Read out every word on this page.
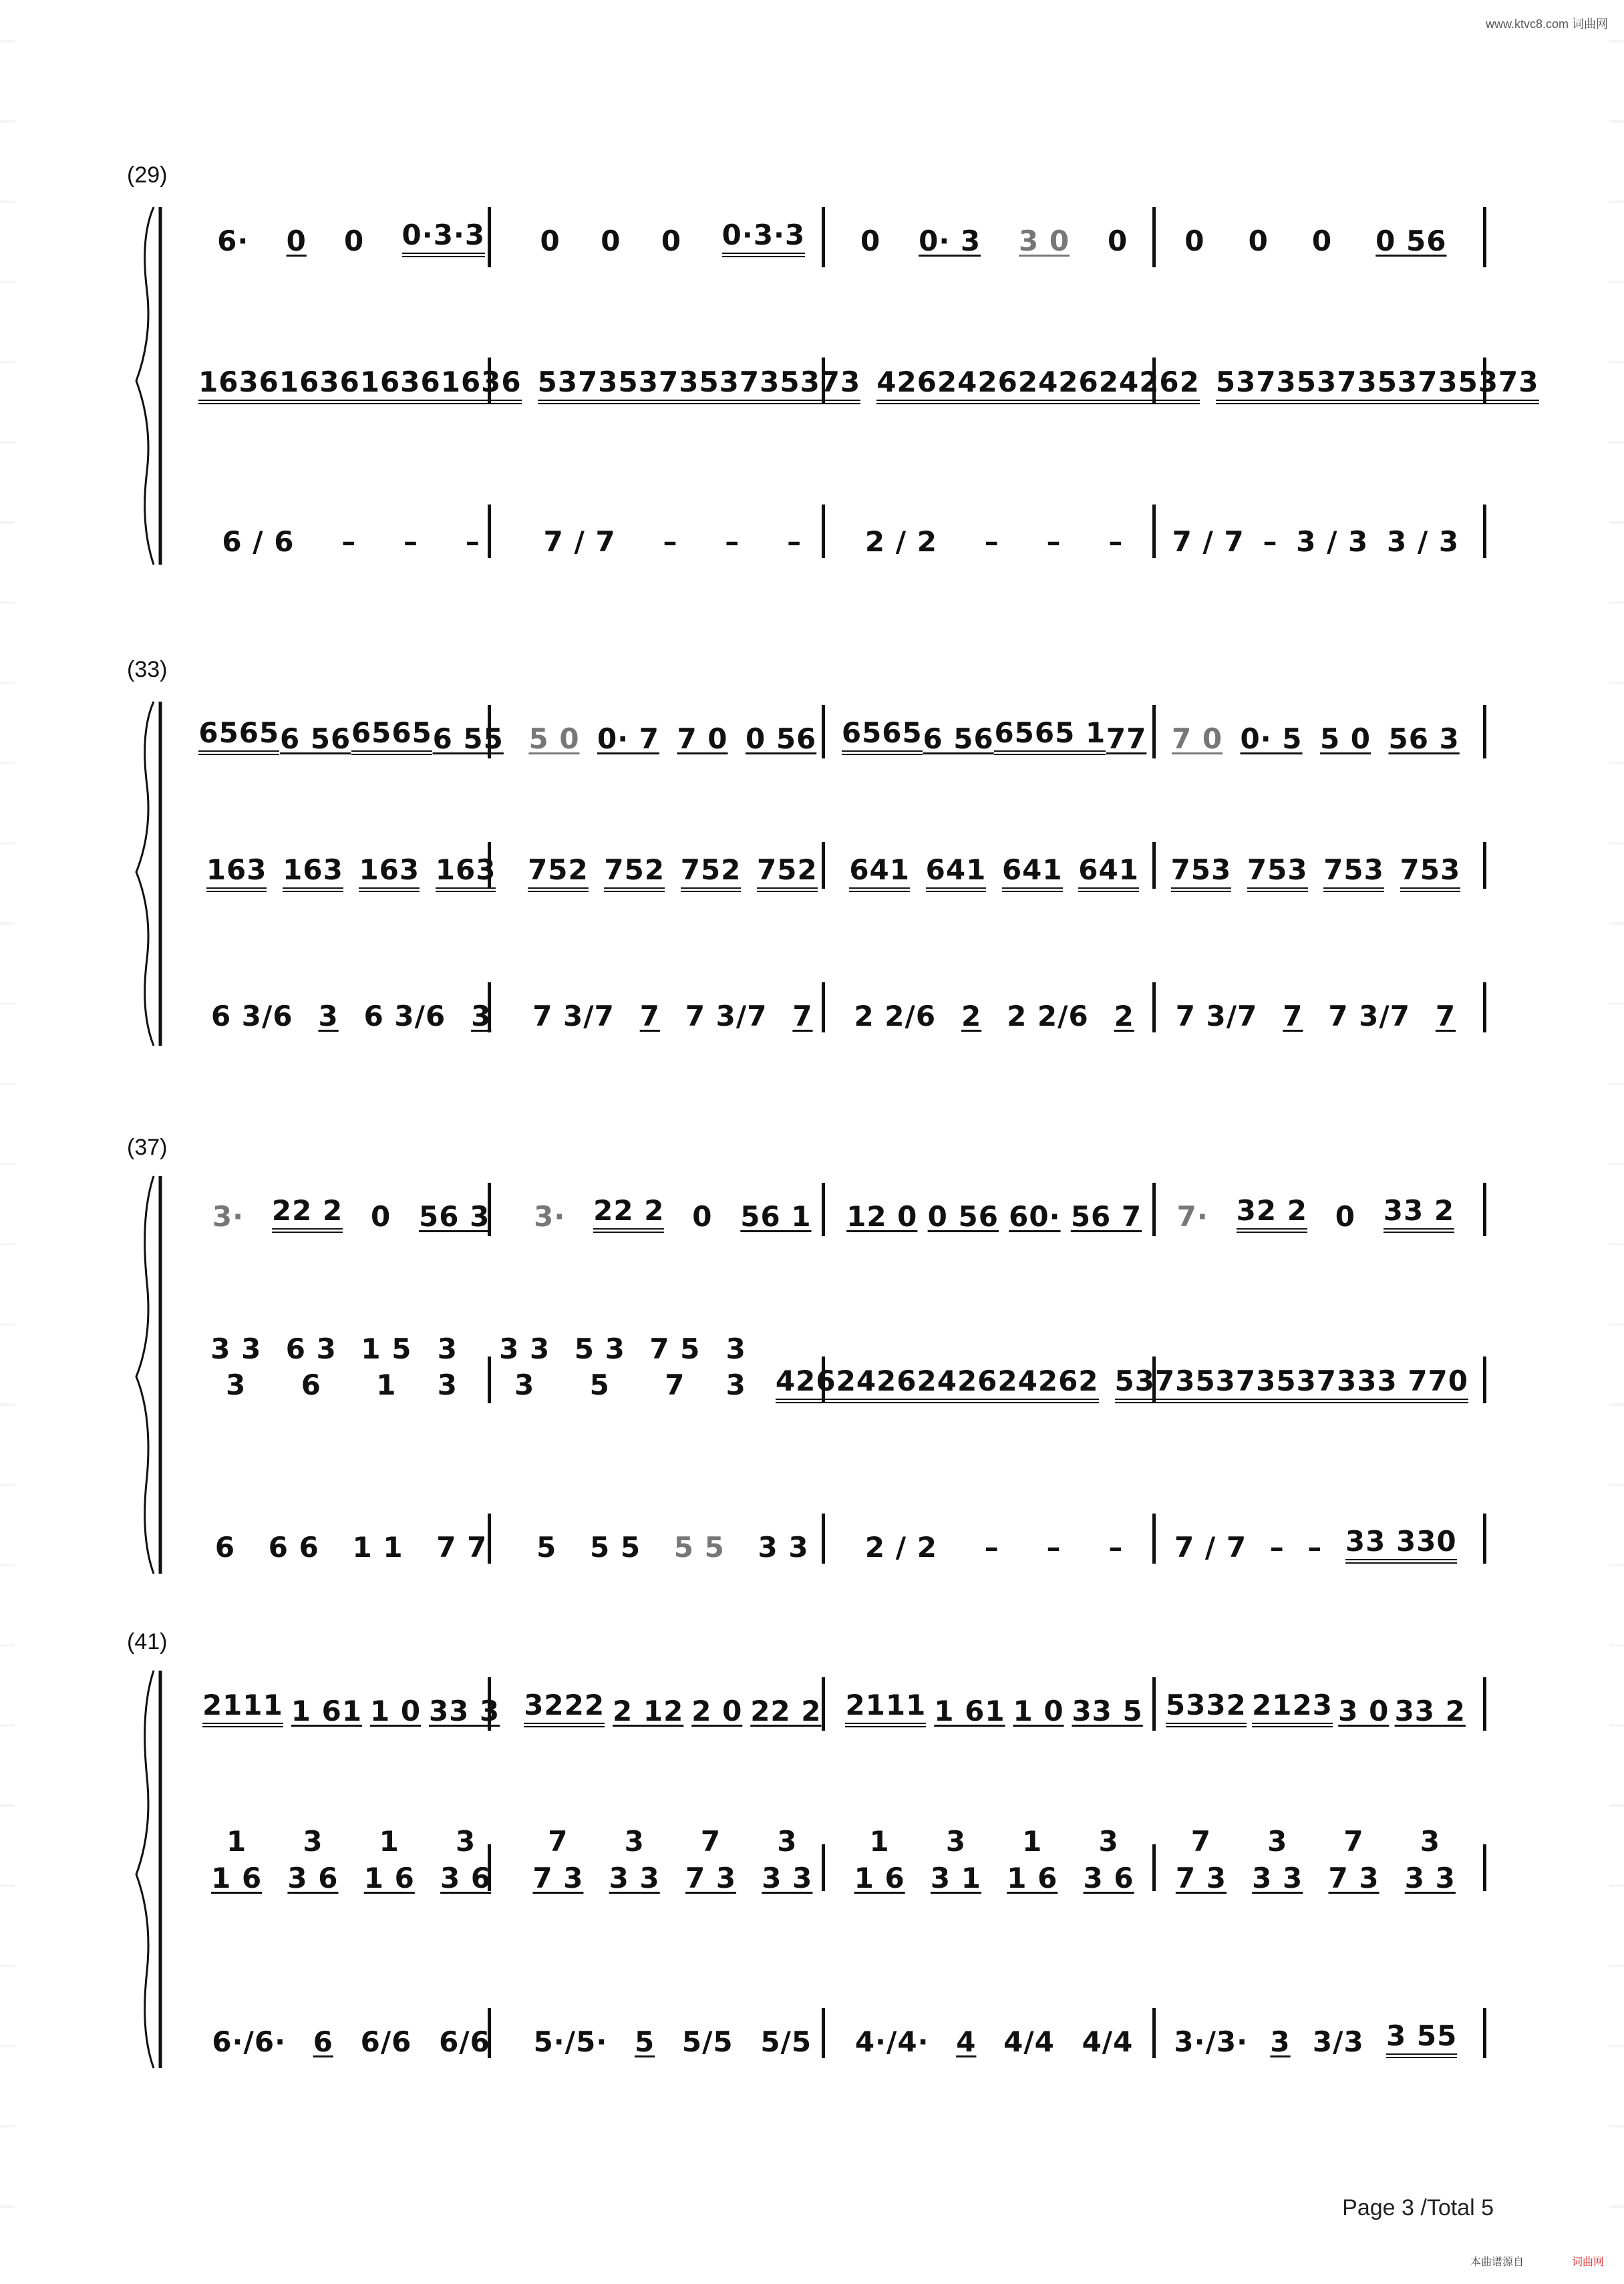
www.ktvc8.com 词曲网
(29)
6· 0 0 0·3·3 0 0 0 0·3·3 0 0· 3 3 0 0 0 0 0 0 56
1636 1636 1636 1636 5373 5373 5373 5373 4262 4262 4262 4262 5373 5373 5373 5373
6 / 6 – – – 7 / 7 – – – 2 / 2 – – – 7 / 7 – 3 / 3 3 / 3
(33)
6565 6 56 6565 6 55 5 0 0· 7 7 0 0 56 6565 6 56 6565 1 77 7 0 0· 5 5 0 56 3
163 163 163 163 752 752 752 752 641 641 641 641 753 753 753 753
6 3/6 3 6 3/6 3 7 3/7 7 7 3/7 7 2 2/6 2 2 2/6 2 7 3/7 7 7 3/7 7
(37)
3· 22 2 0 56 3 3· 22 2 0 56 1 12 0 0 56 60· 56 7 7· 32 2 0 33 2
3 3 3
6 3 6
1 5 1
3 3
3 3 3
5 3 5
7 5 7
3 3	4262 4262 4262 4262 5373 5373 5373 33 770
6 6 6 1 1 7 7 5 5 5 5 5 3 3 2 / 2 – – – 7 / 7 – – 33 330
(41)
2111 1 61 1 0 33 3 3222 2 12 2 0 22 2 2111 1 61 1 0 33 5 5332 2123 3 0 33 2
1 3 1 3	7 3 7 3	1 3 1 3	7 3 7 3
1 6 3 6 1 6 3 6 7 3 3 3 7 3 3 3 1 6 3 1 1 6 3 6 7 3 3 3 7 3 3 3
6·/6· 6 6/6 6/6 5·/5· 5 5/5 5/5 4·/4· 4 4/4 4/4 3·/3· 3 3/3 3 55
Page 3 /Total 5
本曲谱源自	词曲网
